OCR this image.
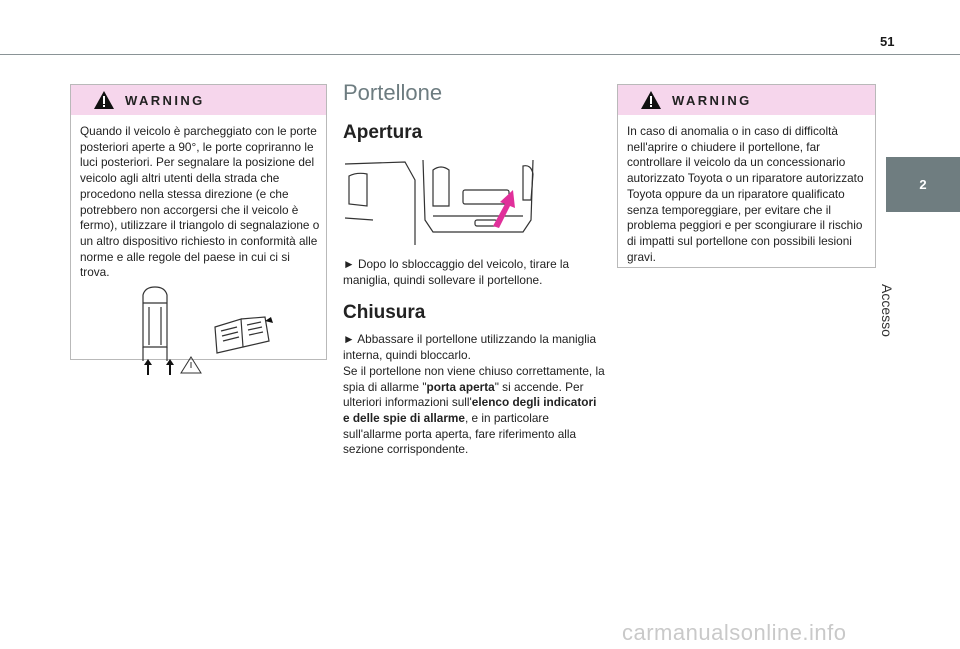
51
2
Accesso
WARNING
Quando il veicolo è parcheggiato con le porte posteriori aperte a 90°, le porte copriranno le luci posteriori. Per segnalare la posizione del veicolo agli altri utenti della strada che procedono nella stessa direzione (e che potrebbero non accorgersi che il veicolo è fermo), utilizzare il triangolo di segnalazione o un altro dispositivo richiesto in conformità alle norme e alle regole del paese in cui ci si trova.
Portellone
Apertura

► Dopo lo sbloccaggio del veicolo, tirare la maniglia, quindi sollevare il portellone.

Chiusura

► Abbassare il portellone utilizzando la maniglia interna, quindi bloccarlo.

Se il portellone non viene chiuso correttamente, la spia di allarme "porta aperta" si accende. Per ulteriori informazioni sull'elenco degli indicatori e delle spie di allarme, e in particolare sull'allarme porta aperta, fare riferimento alla sezione corrispondente.

WARNING
In caso di anomalia o in caso di difficoltà nell'aprire o chiudere il portellone, far controllare il veicolo da un concessionario autorizzato Toyota o un riparatore autorizzato Toyota oppure da un riparatore qualificato senza temporeggiare, per evitare che il problema peggiori e per scongiurare il rischio di impatti sul portellone con possibili lesioni gravi.
carmanualsonline.info
